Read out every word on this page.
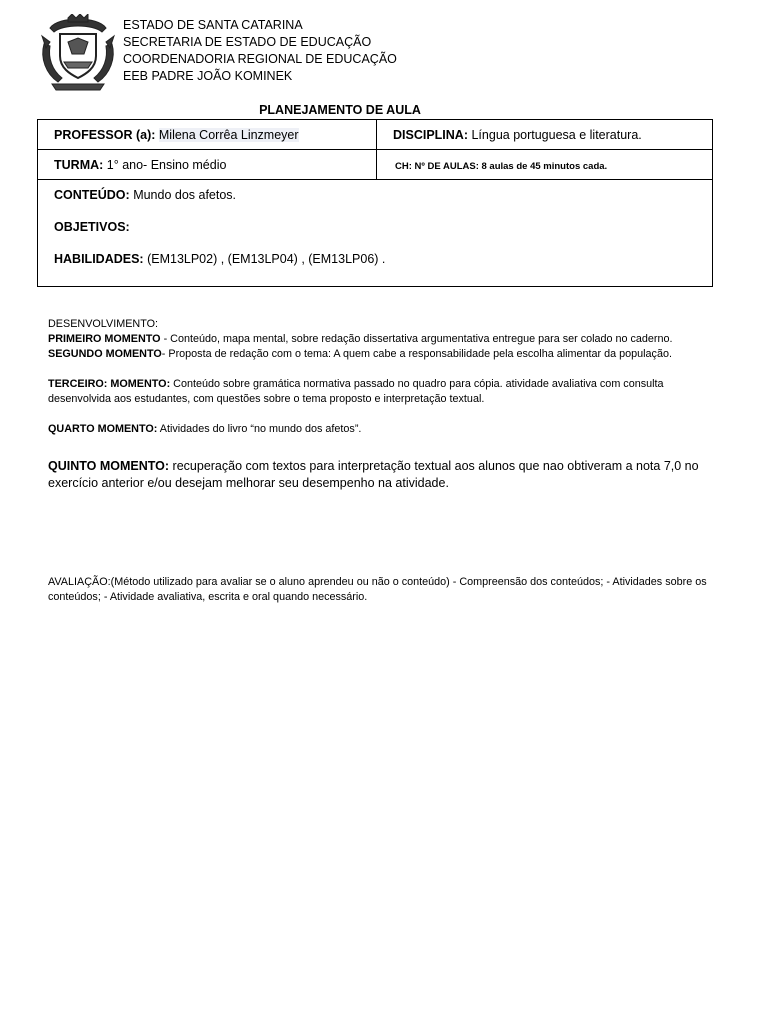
ESTADO DE SANTA CATARINA
SECRETARIA DE ESTADO DE EDUCAÇÃO
COORDENADORIA REGIONAL DE EDUCAÇÃO
EEB PADRE JOÃO KOMINEK
PLANEJAMENTO DE AULA
PROFESSOR (a): Milena Corrêa Linzmeyer	DISCIPLINA: Língua portuguesa e literatura.
TURMA: 1° ano- Ensino médio	CH: Nº DE AULAS: 8 aulas de 45 minutos cada.

CONTEÚDO: Mundo dos afetos.

OBJETIVOS:

HABILIDADES: (EM13LP02) , (EM13LP04) , (EM13LP06) .	

DESENVOLVIMENTO:

PRIMEIRO MOMENTO - Conteúdo, mapa mental, sobre redação dissertativa argumentativa entregue para ser colado no caderno.

SEGUNDO MOMENTO- Proposta de redação com o tema: A quem cabe a responsabilidade pela escolha alimentar da população.

TERCEIRO: MOMENTO: Conteúdo sobre gramática normativa passado no quadro para cópia. atividade avaliativa com consulta desenvolvida aos estudantes, com questões sobre o tema proposto e interpretação textual.

QUARTO MOMENTO: Atividades do livro “no mundo dos afetos”.

QUINTO MOMENTO: recuperação com textos para interpretação textual aos alunos que nao obtiveram a nota 7,0 no exercício anterior e/ou desejam melhorar seu desempenho na atividade.

AVALIAÇÃO:(Método utilizado para avaliar se o aluno aprendeu ou não o conteúdo) - Compreensão dos conteúdos; - Atividades sobre os conteúdos; - Atividade avaliativa, escrita e oral quando necessário.
